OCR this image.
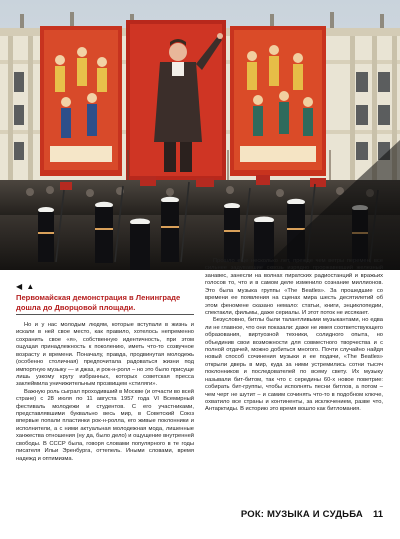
◀ ▲
Первомайская демонстрация в Ленинграде дошла до Дворцовой площади.

Но и у нас молодым людям, которые вступали в жизнь и искали в ней свое место, как правило, хотелось непременно сохранить свое «я», собственную идентичность, при этом ощущая принадлежность к поколению, иметь что-то созвучное возрасту и времени. Поначалу, правда, продвинутая молодежь (особенно столичная) предпочитала радоваться жизни под импортную музыку — и джаз, и рок-н-ролл – но это было присуще лишь узкому кругу избранных, которых советская пресса заклеймила уничижительным прозвищем «стиляги».

Важную роль сыграл проходивший в Москве (и отчасти во всей стране) с 28 июля по 11 августа 1957 года VI Всемирный фестиваль молодежи и студентов. С его участниками, представлявшими буквально весь мир, в Советский Союз впервые попали пластинки рок-н-ролла, его живые поклонники и исполнители, а с ними актуальная молодежная мода, лишенные ханжества отношения (ну да, было дело) и ощущение внутренней свободы. В СССР была, говоря словами популярного в те годы писателя Ильи Эренбурга, оттепель. Иными словами, время надежд и оптимизма.

Прошло еще несколько лет, прежде чем ветры перемен, все сильнее задувавшие сквозь изрядно проржавевший железный занавес, занесли на волнах пиратских радиостанций и вражьих голосов то, что и в самом деле изменило сознание миллионов. Это была музыка группы «The Beatles». За прошедшие со времени ее появления на сценах мира шесть десятилетий об этом феномене сказано немало: статьи, книги, энциклопедии, спектакли, фильмы, даже сериалы. И этот поток не иссякает.

Безусловно, битлы были талантливыми музыкантами, но едва ли не главное, что они показали: даже не имея соответствующего образования, виртуозной техники, солидного опыта, но объединив свои возможности для совместного творчества и с полной отдачей, можно добиться многого. Почти случайно найдя новый способ сочинения музыки и ее подачи, «The Beatles» открыли дверь в мир, куда за ними устремились сотни тысяч поклонников и последователей по всему свету. Их музыку называли бит-битом, так что с середины 60-х новое поветрие: собирать бит-группы, чтобы исполнять песни битлов, а потом – чем черт не шутит – и самим сочинять что-то в подобном ключе, охватило все страны и континенты, за исключением, разве что, Антарктиды. В историю это время вошло как битломания.

РОК: МУЗЫКА И СУДЬБА 11
